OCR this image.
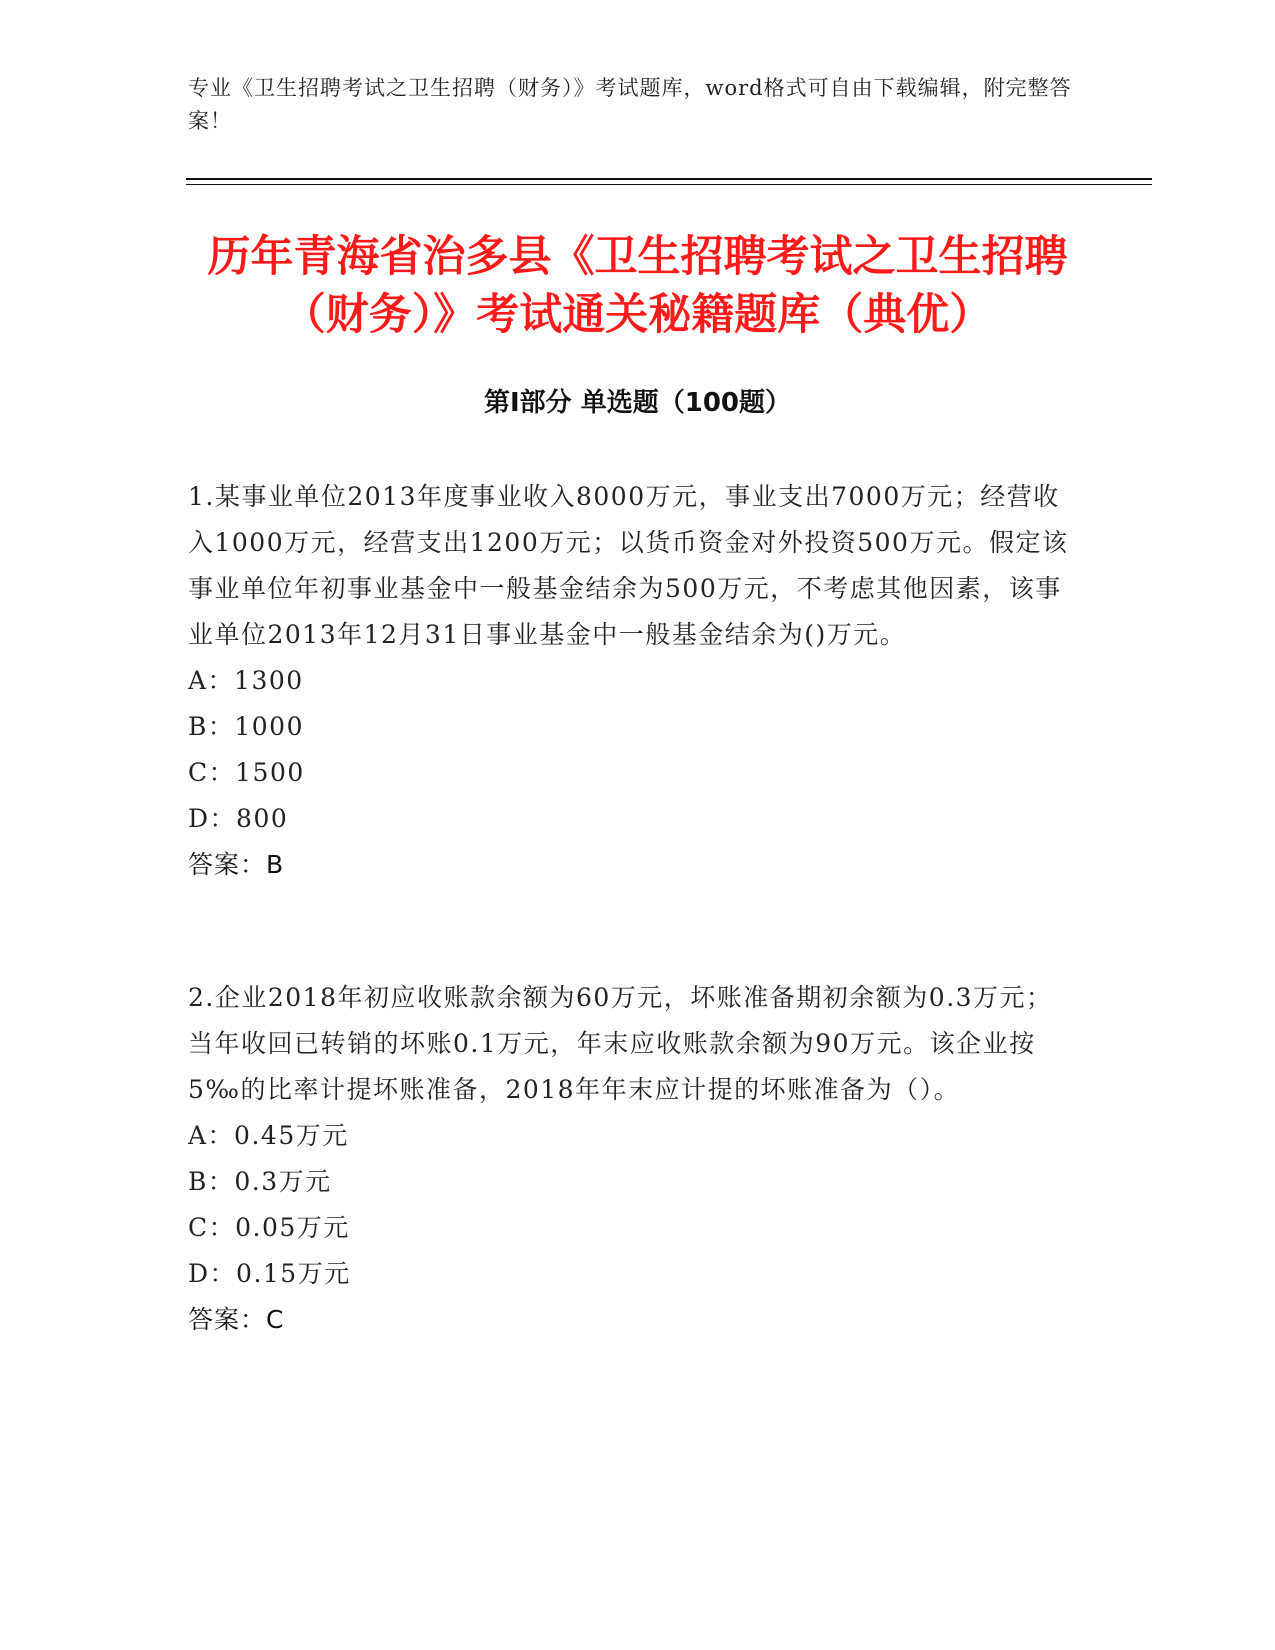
专业《卫生招聘考试之卫生招聘（财务）》考试题库，word格式可自由下载编辑，附完整答案！
历年青海省治多县《卫生招聘考试之卫生招聘（财务）》考试通关秘籍题库（典优）
第I部分 单选题（100题）
1.某事业单位2013年度事业收入8000万元，事业支出7000万元；经营收入1000万元，经营支出1200万元；以货币资金对外投资500万元。假定该事业单位年初事业基金中一般基金结余为500万元，不考虑其他因素，该事业单位2013年12月31日事业基金中一般基金结余为()万元。
A：1300
B：1000
C：1500
D：800
答案：B
2.企业2018年初应收账款余额为60万元，坏账准备期初余额为0.3万元；当年收回已转销的坏账0.1万元，年末应收账款余额为90万元。该企业按5‰的比率计提坏账准备，2018年年末应计提的坏账准备为（）。
A：0.45万元
B：0.3万元
C：0.05万元
D：0.15万元
答案：C
